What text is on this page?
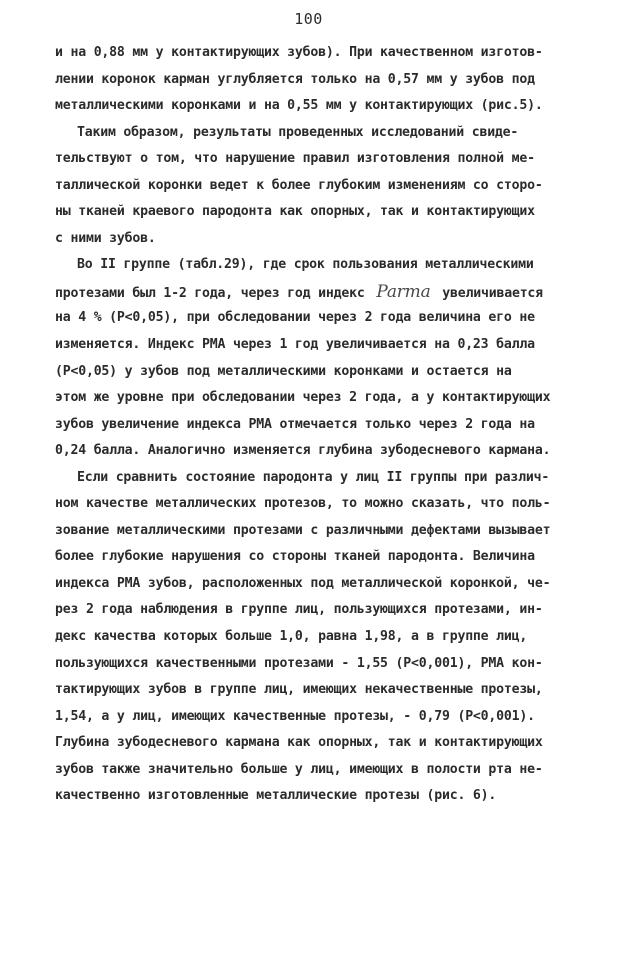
100
и на 0,88 мм у контактирующих зубов). При качественном изготов-
лении коронок карман углубляется только на 0,57 мм у зубов под
металлическими коронками и на 0,55 мм у контактирующих (рис.5).
Таким образом, результаты проведенных исследований свиде-
тельствуют о том, что нарушение правил изготовления полной ме-
таллической коронки ведет к более глубоким изменениям со сторо-
ны тканей краевого пародонта как опорных, так и контактирующих
с ними зубов.
Во II группе (табл.29), где срок пользования металлическими
протезами был 1-2 года, через год индекс Parma увеличивается
на 4 % (P<0,05), при обследовании через 2 года величина его не
изменяется. Индекс PMA через 1 год увеличивается на 0,23 балла
(P<0,05) у зубов под металлическими коронками и остается на
этом же уровне при обследовании через 2 года, а у контактирующих
зубов увеличение индекса PMA отмечается только через 2 года на
0,24 балла. Аналогично изменяется глубина зубодесневого кармана.
Если сравнить состояние пародонта у лиц II группы при различ-
ном качестве металлических протезов, то можно сказать, что поль-
зование металлическими протезами с различными дефектами вызывает
более глубокие нарушения со стороны тканей пародонта. Величина
индекса PMA зубов, расположенных под металлической коронкой, че-
рез 2 года наблюдения в группе лиц, пользующихся протезами, ин-
декс качества которых больше 1,0, равна 1,98, а в группе лиц,
пользующихся качественными протезами - 1,55 (P<0,001), PMA кон-
тактирующих зубов в группе лиц, имеющих некачественные протезы,
1,54, а у лиц, имеющих качественные протезы, - 0,79 (P<0,001).
Глубина зубодесневого кармана как опорных, так и контактирующих
зубов также значительно больше у лиц, имеющих в полости рта не-
качественно изготовленные металлические протезы (рис. 6).
